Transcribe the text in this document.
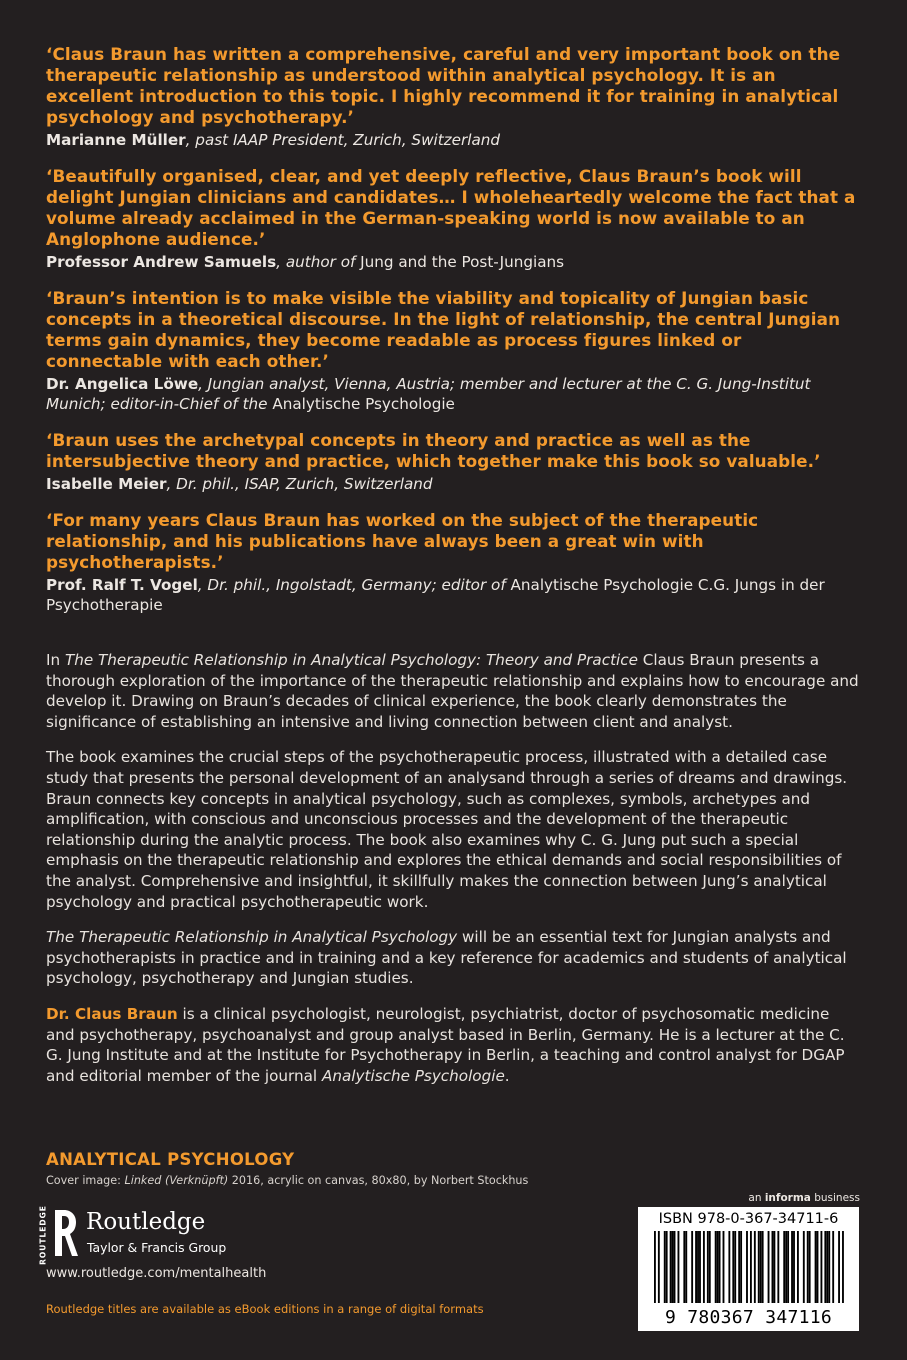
‘Claus Braun has written a comprehensive, careful and very important book on the therapeutic relationship as understood within analytical psychology. It is an excellent introduction to this topic. I highly recommend it for training in analytical psychology and psychotherapy.’

Marianne Müller, past IAAP President, Zurich, Switzerland

‘Beautifully organised, clear, and yet deeply reflective, Claus Braun’s book will delight Jungian clinicians and candidates… I wholeheartedly welcome the fact that a volume already acclaimed in the German-speaking world is now available to an Anglophone audience.’

Professor Andrew Samuels, author of Jung and the Post-Jungians

‘Braun’s intention is to make visible the viability and topicality of Jungian basic concepts in a theoretical discourse. In the light of relationship, the central Jungian terms gain dynamics, they become readable as process figures linked or connectable with each other.’

Dr. Angelica Löwe, Jungian analyst, Vienna, Austria; member and lecturer at the C. G. Jung-Institut Munich; editor-in-Chief of the Analytische Psychologie

‘Braun uses the archetypal concepts in theory and practice as well as the intersubjective theory and practice, which together make this book so valuable.’

Isabelle Meier, Dr. phil., ISAP, Zurich, Switzerland

‘For many years Claus Braun has worked on the subject of the therapeutic relationship, and his publications have always been a great win with psychotherapists.’

Prof. Ralf T. Vogel, Dr. phil., Ingolstadt, Germany; editor of Analytische Psychologie C.G. Jungs in der Psychotherapie

In The Therapeutic Relationship in Analytical Psychology: Theory and Practice Claus Braun presents a thorough exploration of the importance of the therapeutic relationship and explains how to encourage and develop it. Drawing on Braun’s decades of clinical experience, the book clearly demonstrates the significance of establishing an intensive and living connection between client and analyst.

The book examines the crucial steps of the psychotherapeutic process, illustrated with a detailed case study that presents the personal development of an analysand through a series of dreams and drawings. Braun connects key concepts in analytical psychology, such as complexes, symbols, archetypes and amplification, with conscious and unconscious processes and the development of the therapeutic relationship during the analytic process. The book also examines why C. G. Jung put such a special emphasis on the therapeutic relationship and explores the ethical demands and social responsibilities of the analyst. Comprehensive and insightful, it skillfully makes the connection between Jung’s analytical psychology and practical psychotherapeutic work.

The Therapeutic Relationship in Analytical Psychology will be an essential text for Jungian analysts and psychotherapists in practice and in training and a key reference for academics and students of analytical psychology, psychotherapy and Jungian studies.

Dr. Claus Braun is a clinical psychologist, neurologist, psychiatrist, doctor of psychosomatic medicine and psychotherapy, psychoanalyst and group analyst based in Berlin, Germany. He is a lecturer at the C. G. Jung Institute and at the Institute for Psychotherapy in Berlin, a teaching and control analyst for DGAP and editorial member of the journal Analytische Psychologie.

ANALYTICAL PSYCHOLOGY
Cover image: Linked (Verknüpft) 2016, acrylic on canvas, 80x80, by Norbert Stockhus
ROUTLEDGE Routledge
Taylor & Francis Group
www.routledge.com/mentalhealth
Routledge titles are available as eBook editions in a range of digital formats
an informa business
ISBN 978-0-367-34711-6
9 780367 347116
